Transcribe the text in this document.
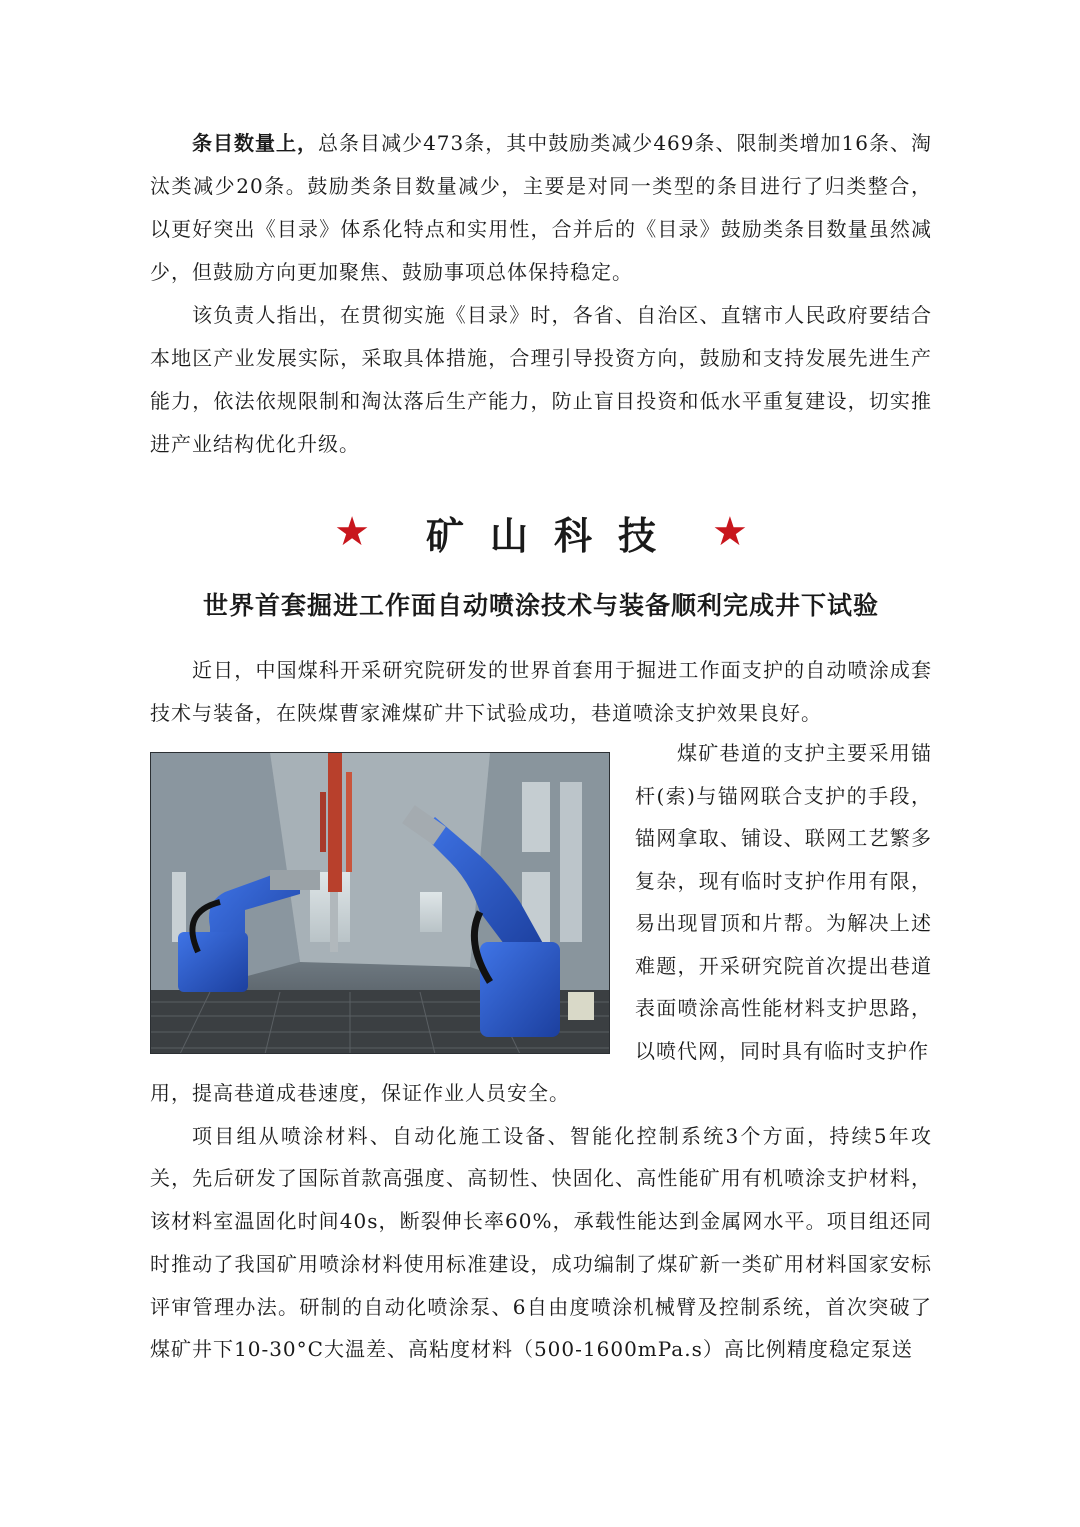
条目数量上，总条目减少473条，其中鼓励类减少469条、限制类增加16条、淘汰类减少20条。鼓励类条目数量减少，主要是对同一类型的条目进行了归类整合，以更好突出《目录》体系化特点和实用性，合并后的《目录》鼓励类条目数量虽然减少，但鼓励方向更加聚焦、鼓励事项总体保持稳定。

该负责人指出，在贯彻实施《目录》时，各省、自治区、直辖市人民政府要结合本地区产业发展实际，采取具体措施，合理引导投资方向，鼓励和支持发展先进生产能力，依法依规限制和淘汰落后生产能力，防止盲目投资和低水平重复建设，切实推进产业结构优化升级。

★	矿山科技 ★
世界首套掘进工作面自动喷涂技术与装备顺利完成井下试验

近日，中国煤科开采研究院研发的世界首套用于掘进工作面支护的自动喷涂成套技术与装备，在陕煤曹家滩煤矿井下试验成功，巷道喷涂支护效果良好。

煤矿巷道的支护主要采用锚杆(索)与锚网联合支护的手段，锚网拿取、铺设、联网工艺繁多复杂，现有临时支护作用有限，易出现冒顶和片帮。为解决上述难题，开采研究院首次提出巷道表面喷涂高性能材料支护思路，以喷代网，同时具有临时支护作

用，提高巷道成巷速度，保证作业人员安全。

项目组从喷涂材料、自动化施工设备、智能化控制系统3个方面，持续5年攻关，先后研发了国际首款高强度、高韧性、快固化、高性能矿用有机喷涂支护材料，该材料室温固化时间40s，断裂伸长率60%，承载性能达到金属网水平。项目组还同时推动了我国矿用喷涂材料使用标准建设，成功编制了煤矿新一类矿用材料国家安标评审管理办法。研制的自动化喷涂泵、6自由度喷涂机械臂及控制系统，首次突破了煤矿井下10-30°C大温差、高粘度材料（500-1600mPa.s）高比例精度稳定泵送
